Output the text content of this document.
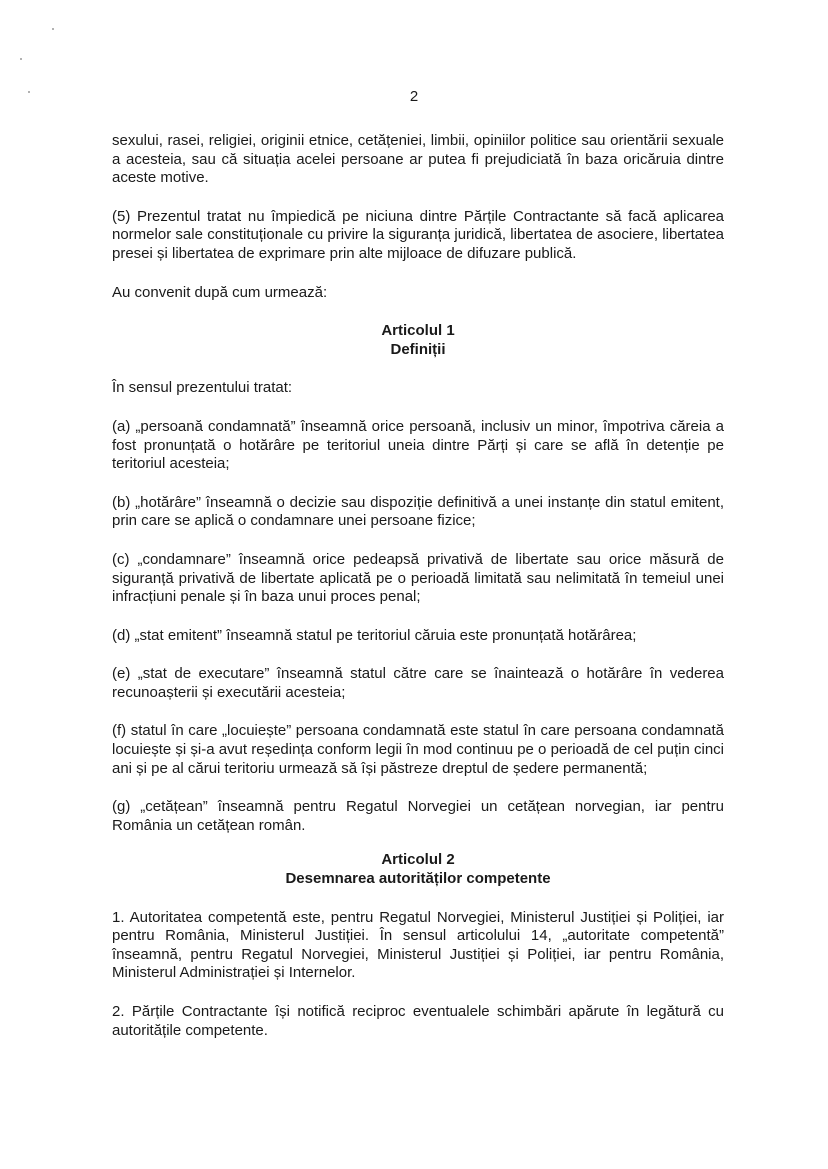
2

sexului, rasei, religiei, originii etnice, cetățeniei, limbii, opiniilor politice sau orientării sexuale a acesteia, sau că situația acelei persoane ar putea fi prejudiciată în baza oricăruia dintre aceste motive.

(5) Prezentul tratat nu împiedică pe niciuna dintre Părțile Contractante să facă aplicarea normelor sale constituționale cu privire la siguranța juridică, libertatea de asociere, libertatea presei și libertatea de exprimare prin alte mijloace de difuzare publică.

Au convenit după cum urmează:

Articolul 1
Definiții

În sensul prezentului tratat:

(a) „persoană condamnată” înseamnă orice persoană, inclusiv un minor, împotriva căreia a fost pronunțată o hotărâre pe teritoriul uneia dintre Părți și care se află în detenție pe teritoriul acesteia;

(b) „hotărâre” înseamnă o decizie sau dispoziție definitivă a unei instanțe din statul emitent, prin care se aplică o condamnare unei persoane fizice;

(c) „condamnare” înseamnă orice pedeapsă privativă de libertate sau orice măsură de siguranță privativă de libertate aplicată pe o perioadă limitată sau nelimitată în temeiul unei infracțiuni penale și în baza unui proces penal;

(d) „stat emitent” înseamnă statul pe teritoriul căruia este pronunțată hotărârea;

(e) „stat de executare” înseamnă statul către care se înaintează o hotărâre în vederea recunoașterii și executării acesteia;

(f) statul în care „locuiește” persoana condamnată este statul în care persoana condamnată locuiește și și-a avut reședința conform legii în mod continuu pe o perioadă de cel puțin cinci ani și pe al cărui teritoriu urmează să își păstreze dreptul de ședere permanentă;

(g) „cetățean” înseamnă pentru Regatul Norvegiei un cetățean norvegian, iar pentru România un cetățean român.

Articolul 2
Desemnarea autorităților competente

1. Autoritatea competentă este, pentru Regatul Norvegiei, Ministerul Justiției și Poliției, iar pentru România, Ministerul Justiției. În sensul articolului 14, „autoritate competentă” înseamnă, pentru Regatul Norvegiei, Ministerul Justiției și Poliției, iar pentru România, Ministerul Administrației și Internelor.

2. Părțile Contractante își notifică reciproc eventualele schimbări apărute în legătură cu autoritățile competente.
